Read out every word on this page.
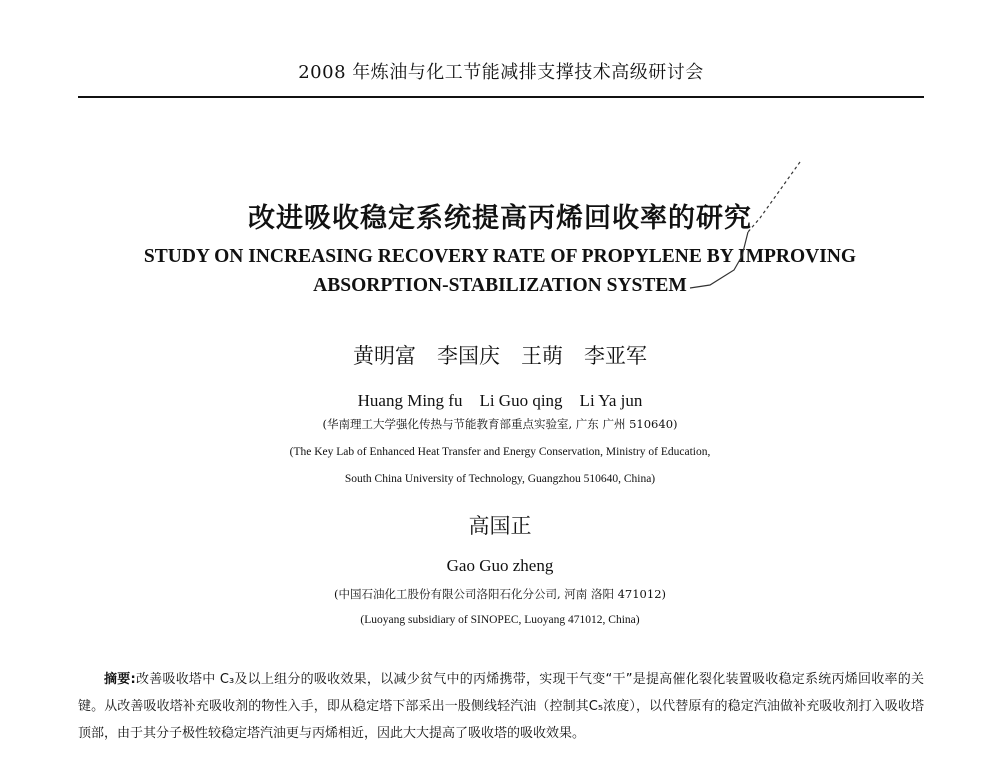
2008 年炼油与化工节能减排支撑技术高级研讨会
改进吸收稳定系统提高丙烯回收率的研究
STUDY ON INCREASING RECOVERY RATE OF PROPYLENE BY IMPROVING
ABSORPTION-STABILIZATION SYSTEM
黄明富　李国庆　王萌　李亚军
Huang Ming fu　Li Guo qing　Li Ya jun
(华南理工大学强化传热与节能教育部重点实验室, 广东 广州 510640)
(The Key Lab of Enhanced Heat Transfer and Energy Conservation, Ministry of Education,
South China University of Technology, Guangzhou 510640, China)
高国正
Gao Guo zheng
(中国石油化工股份有限公司洛阳石化分公司, 河南 洛阳 471012)
(Luoyang subsidiary of SINOPEC, Luoyang 471012, China)
摘要:改善吸收塔中 C₃及以上组分的吸收效果，以减少贫气中的丙烯携带，实现干气变“干”是提高催化裂化装置吸收稳定系统丙烯回收率的关键。从改善吸收塔补充吸收剂的物性入手，即从稳定塔下部采出一股侧线轻汽油（控制其C₅浓度），以代替原有的稳定汽油做补充吸收剂打入吸收塔顶部，由于其分子极性较稳定塔汽油更与丙烯相近，因此大大提高了吸收塔的吸收效果。
